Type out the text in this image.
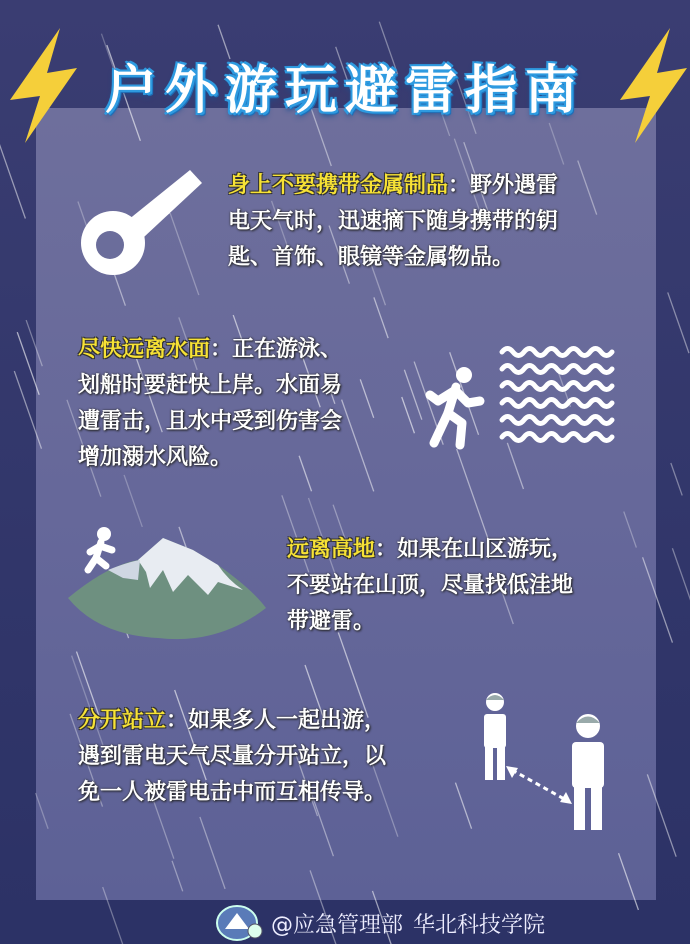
户外游玩避雷指南
身上不要携带金属制品：野外遇雷
电天气时，迅速摘下随身携带的钥
匙、首饰、眼镜等金属物品。
尽快远离水面：正在游泳、
划船时要赶快上岸。水面易
遭雷击，且水中受到伤害会
增加溺水风险。
远离高地：如果在山区游玩，
不要站在山顶，尽量找低洼地
带避雷。
分开站立：如果多人一起出游，
遇到雷电天气尽量分开站立，以
免一人被雷电击中而互相传导。
@应急管理部 华北科技学院
